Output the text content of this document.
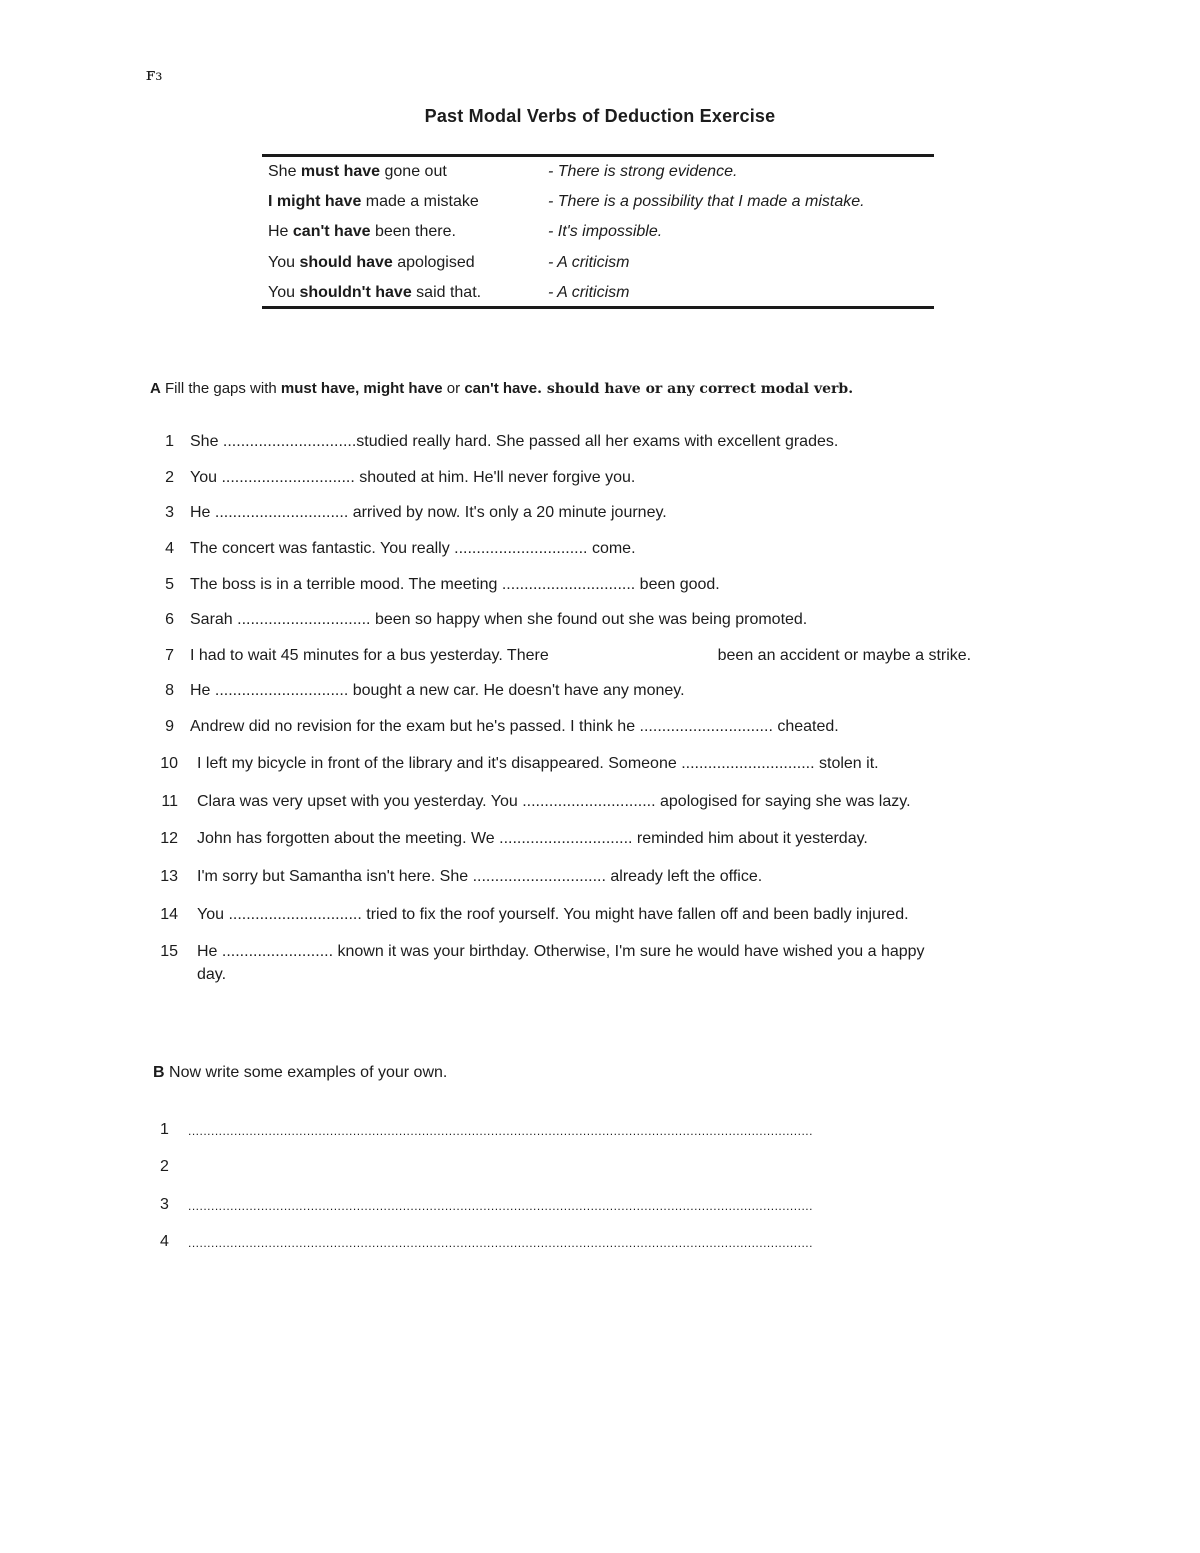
ꜰ₃
Past Modal Verbs of Deduction Exercise
She must have gone out	- There is strong evidence.
I might have made a mistake	- There is a possibility that I made a mistake.
He can't have been there.	- It's impossible.
You should have apologised	- A criticism
You shouldn't have said that.	- A criticism
A Fill the gaps with must have, might have or can't have. should have or any correct modal verb.
1 She ..............................studied really hard. She passed all her exams with excellent grades.
2 You .............................. shouted at him. He'll never forgive you.
3 He .............................. arrived by now. It's only a 20 minute journey.
4 The concert was fantastic. You really .............................. come.
5 The boss is in a terrible mood. The meeting .............................. been good.
6 Sarah .............................. been so happy when she found out she was being promoted.
7 I had to wait 45 minutes for a bus yesterday. There                                      been an accident or maybe a strike.
8 He .............................. bought a new car. He doesn't have any money.
9 Andrew did no revision for the exam but he's passed. I think he .............................. cheated.
10 I left my bicycle in front of the library and it's disappeared. Someone .............................. stolen it.
11 Clara was very upset with you yesterday. You .............................. apologised for saying she was lazy.
12 John has forgotten about the meeting. We .............................. reminded him about it yesterday.
13 I'm sorry but Samantha isn't here. She .............................. already left the office.
14 You .............................. tried to fix the roof yourself. You might have fallen off and been badly injured.
15 He ......................... known it was your birthday. Otherwise, I'm sure he would have wished you a happy
day.
B Now write some examples of your own.
1 ...................................................................................................................................................................
2
3 ...................................................................................................................................................................
4 ...................................................................................................................................................................
